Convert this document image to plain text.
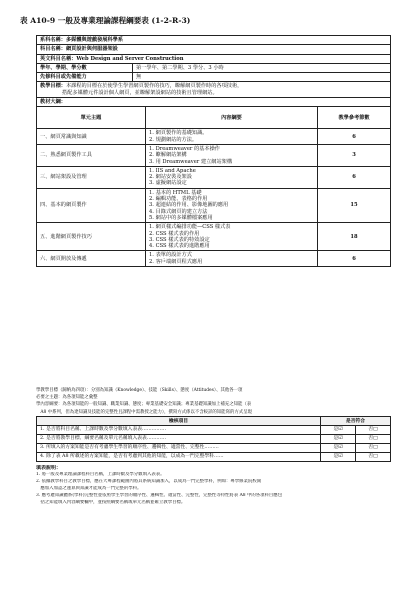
表 A10-9 一般及專業理論課程綱要表 (1-2-R-3)
系科名稱：多媒體與遊戲發展科學系				
科目名稱：網頁設計與伺服器架設				
英文科目名稱：Web Design and Server Construction				
學年、學期、學分數	第一學年、第二學期、3 學分、3 小時			
先修科目或先備能力	無			

教學目標：本課程的目標在於使學生學習網頁製作的技巧，瞭解網頁製作時的各項技術，
搭配多媒體元件設計個人網頁，並瞭解架設網站的技術且管理網站。				

教材大綱：				
單元主題		內容綱要	教學參考節數	
一、網頁常識與知識		1. 網頁製作的基礎知識。
2. 規劃網站的方法。	6	
二、熟悉網頁製作工具		1. Dreamweaver 的基本操作
2. 瞭解網站架構
3. 用 Dreamweaver 建立網站架構	3	
三、網站架設及管理		1. IIS and Apache
2. 網站安裝及架設
3. 虛擬網站設定	6	
四、基本的網頁製作		1. 基本的 HTML 基礎
2. 編輯功能、表格的作用
3. 超連結的作用、影像地圖的應用
4. 目錄式網頁的建立方法
5. 網站中的多媒體檔案應用	15	
五、進階網頁製作技巧		1. 網頁樣式編排功能—CSS 樣式表
2. CSS 樣式表的作用
3. CSS 樣式表的特效設定
4. CSS 樣式表的進階應用	18	
六、網頁開放及傳遞		1. 表單的設計方式
2. 客戶端網頁程式應用	6	
學教學目標（歸納為四項）：分別為知識（Knowledge）、技能（Skills）、態度（Attitudes）、其他各一項
必要之主題：為各項知能之彙整
學內容綱要：為各項知能的一般知識、職業知識、態度；專業基礎安全知識；專業基礎知識加上補充之知能（表
　A8 中系列，但為達知識及技能的完整性且課程中需教授之能力），撰寫方式係以不含較詳的知能寫的方式呈現
檢核項目	是否符合	
1. 是否將科目名稱、上課時數及學分數填入表表……………	是☑	否□
2. 是否將教學目標、綱要名稱及單元名稱填入表表…………	是☑	否□
3. 所填入的方案知能是否有考慮學生學習的順序性、邏輯性、適當性、完整性………	是☑	否□
4. 除了表 A8 所載述的方案知能，是否有考慮到其他的知能，以成為一門完整學科……	是☑	否□
填表說明：
1. 將一般及專業理論課程科目名稱，上課時數及學分數填入表表。
2. 依據教學科目之教學目標，應在大專課程範圍內將其系統知識加入，以成為一門完整學科，例如：專學修業院校開
　應加入加認之運算與知識才能成為一門完整的學科。
3. 應考慮知識體系(學科)完整性並依照學生學習的順序性、邏輯性、適當性、完整性，完整性等特性將表 A8 中的各項科目應包
　括之知能填入內容綱要欄中，並按照綱要名稱或單元名稱並確立教學目標。
